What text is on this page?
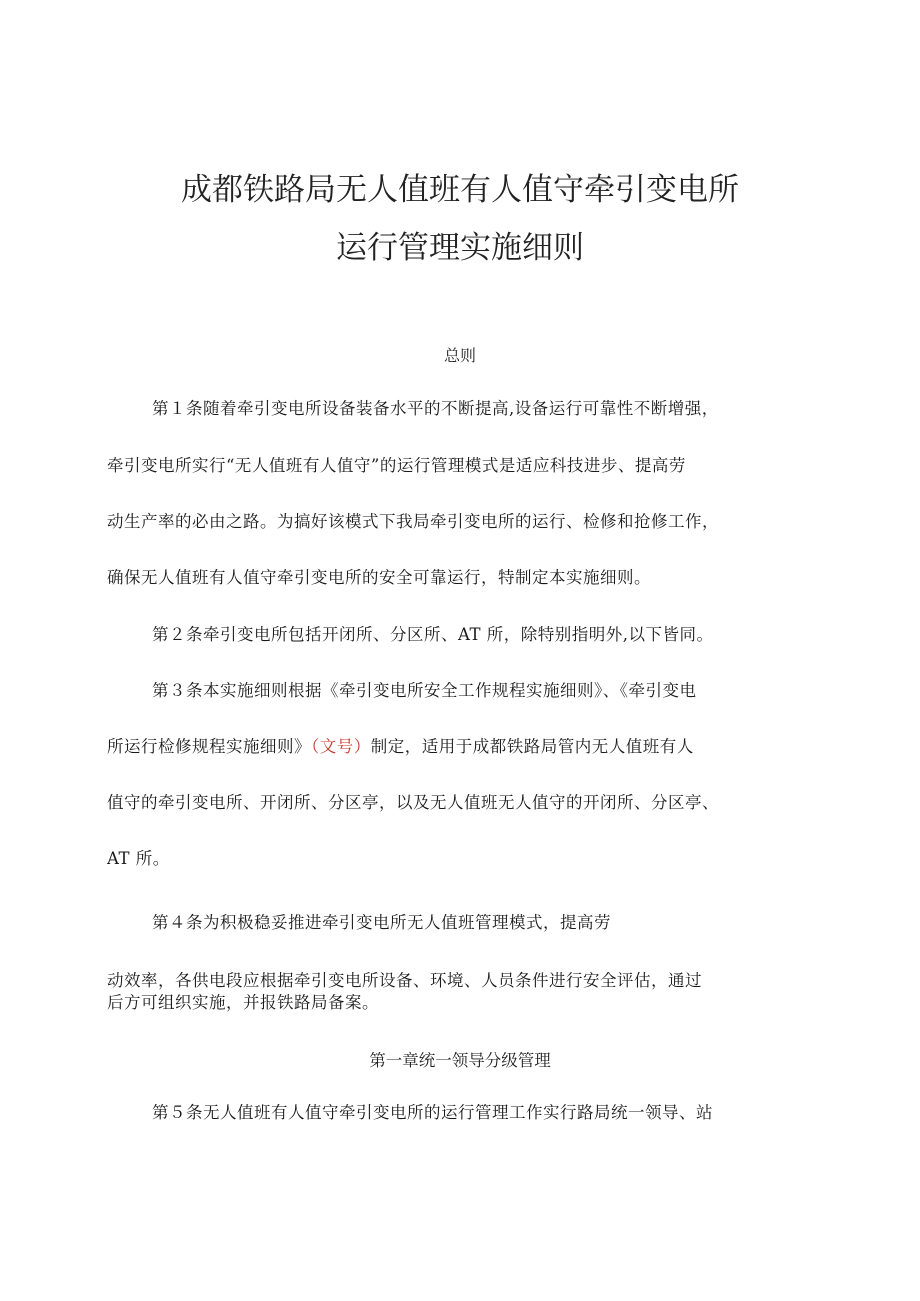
成都铁路局无人值班有人值守牵引变电所
运行管理实施细则
总则
第１条随着牵引变电所设备装备水平的不断提高,设备运行可靠性不断增强，
牵引变电所实行“无人值班有人值守”的运行管理模式是适应科技进步、提高劳
动生产率的必由之路。为搞好该模式下我局牵引变电所的运行、检修和抢修工作，
确保无人值班有人值守牵引变电所的安全可靠运行，特制定本实施细则。
第２条牵引变电所包括开闭所、分区所、AT 所，除特别指明外,以下皆同。
第３条本实施细则根据《牵引变电所安全工作规程实施细则》、《牵引变电
所运行检修规程实施细则》（文号）制定，适用于成都铁路局管内无人值班有人
值守的牵引变电所、开闭所、分区亭，以及无人值班无人值守的开闭所、分区亭、
AT 所。
第４条为积极稳妥推进牵引变电所无人值班管理模式，提高劳
动效率，各供电段应根据牵引变电所设备、环境、人员条件进行安全评估，通过
后方可组织实施，并报铁路局备案。
第一章统一领导分级管理
第５条无人值班有人值守牵引变电所的运行管理工作实行路局统一领导、站
